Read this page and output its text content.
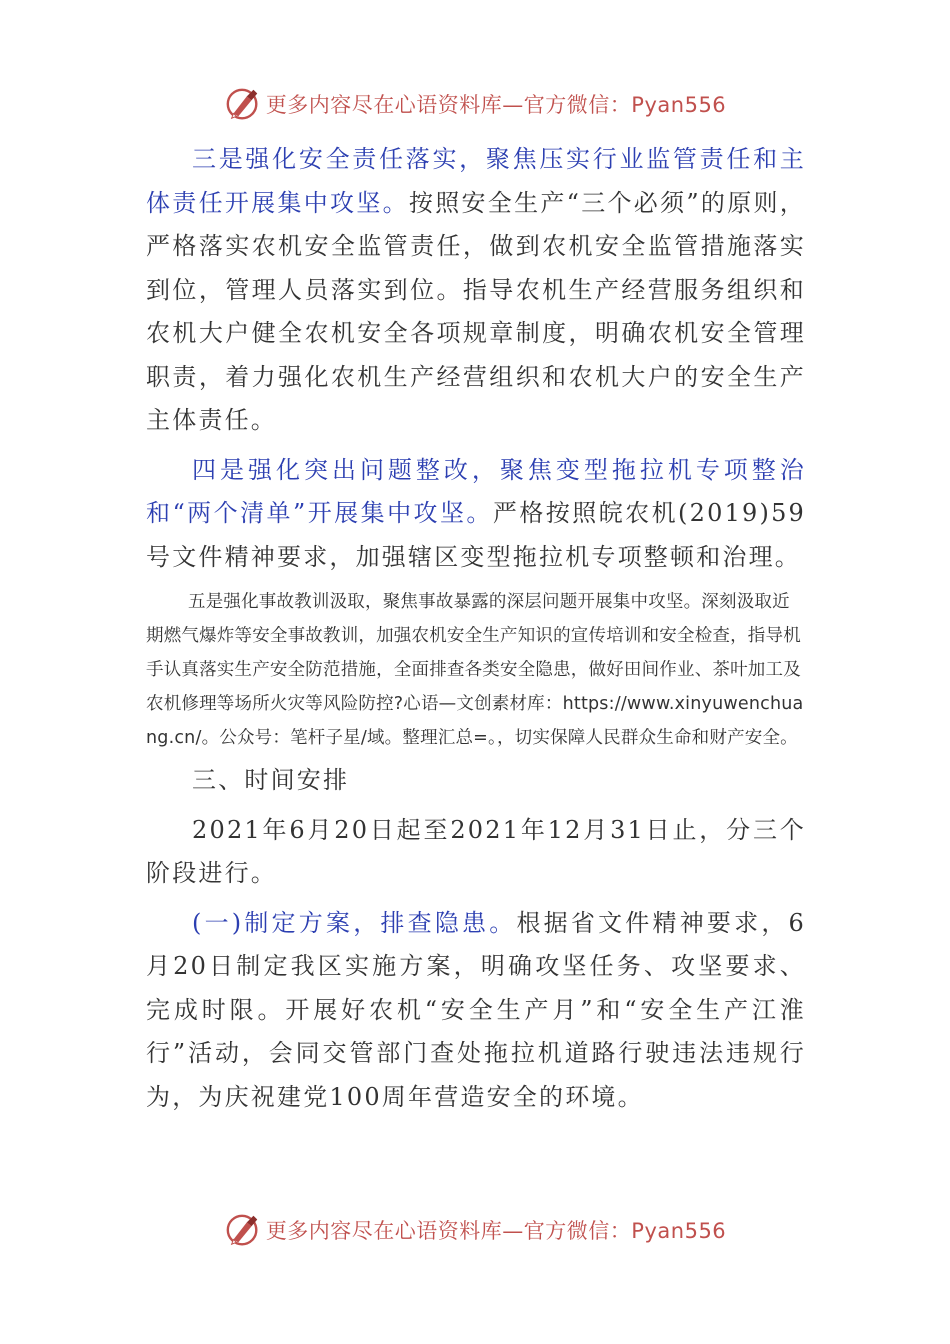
更多内容尽在心语资料库—官方微信：Pyan556

三是强化安全责任落实，聚焦压实行业监管责任和主体责任开展集中攻坚。按照安全生产“三个必须”的原则，严格落实农机安全监管责任，做到农机安全监管措施落实到位，管理人员落实到位。指导农机生产经营服务组织和农机大户健全农机安全各项规章制度，明确农机安全管理职责，着力强化农机生产经营组织和农机大户的安全生产主体责任。

四是强化突出问题整改，聚焦变型拖拉机专项整治和“两个清单”开展集中攻坚。严格按照皖农机(2019)59号文件精神要求，加强辖区变型拖拉机专项整顿和治理。

五是强化事故教训汲取，聚焦事故暴露的深层问题开展集中攻坚。深刻汲取近期燃气爆炸等安全事故教训，加强农机安全生产知识的宣传培训和安全检查，指导机手认真落实生产安全防范措施，全面排查各类安全隐患，做好田间作业、茶叶加工及农机修理等场所火灾等风险防控?心语—文创素材库：https://www.xinyuwenchuang.cn/。公众号：笔杆子星/域。整理汇总=。，切实保障人民群众生命和财产安全。

三、时间安排

2021年6月20日起至2021年12月31日止，分三个阶段进行。

(一)制定方案，排查隐患。根据省文件精神要求，6月20日制定我区实施方案，明确攻坚任务、攻坚要求、完成时限。开展好农机“安全生产月”和“安全生产江淮行”活动，会同交管部门查处拖拉机道路行驶违法违规行为，为庆祝建党100周年营造安全的环境。

更多内容尽在心语资料库—官方微信：Pyan556
